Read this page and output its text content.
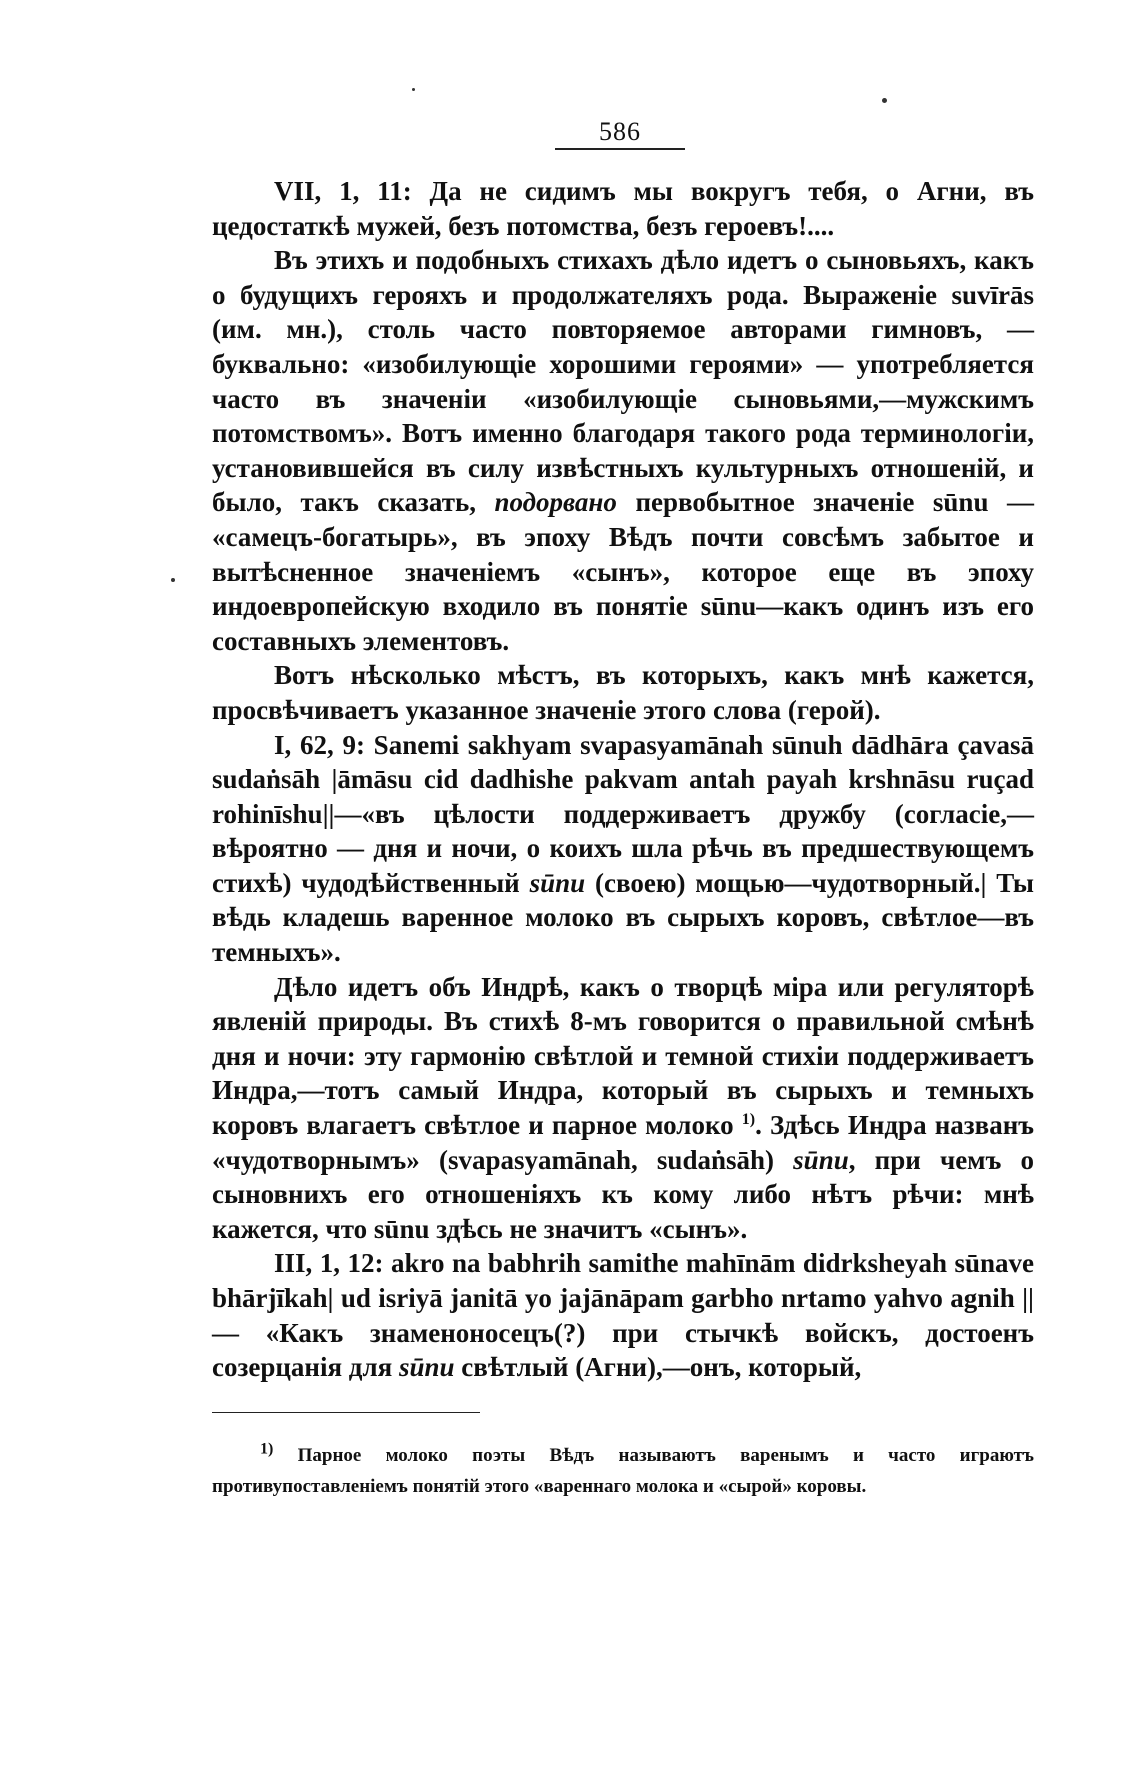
586

VII, 1, 11: Да не сидимъ мы вокругъ тебя, о Агни, въ цедостаткѣ мужей, безъ потомства, безъ героевъ!....

Въ этихъ и подобныхъ стихахъ дѣло идетъ о сыновьяхъ, какъ о будущихъ герояхъ и продолжателяхъ рода. Выраженіе suvīrās (им. мн.), столь часто повторяемое авторами гимновъ, —буквально: «изобилующіе хорошими героями» — употребляется часто въ значеніи «изобилующіе сыновьями,—мужскимъ потомствомъ». Вотъ именно благодаря такого рода терминологіи, установившейся въ силу извѣстныхъ культурныхъ отношеній, и было, такъ сказать, подорвано первобытное значеніе sūnu — «самецъ-богатырь», въ эпоху Вѣдъ почти совсѣмъ забытое и вытѣсненное значеніемъ «сынъ», которое еще въ эпоху индоевропейскую входило въ понятіе sūnu—какъ одинъ изъ его составныхъ элементовъ.

Вотъ нѣсколько мѣстъ, въ которыхъ, какъ мнѣ кажется, просвѣчиваетъ указанное значеніе этого слова (герой).

I, 62, 9: Sanemi sakhyam svapasyamānah sūnuh dādhāra çavasā sudaṅsāh |āmāsu cid dadhishe pakvam antah payah krshnāsu ruçad rohinīshu||—«въ цѣлости поддерживаетъ дружбу (согласіе,—вѣроятно — дня и ночи, о коихъ шла рѣчь въ предшествующемъ стихѣ) чудодѣйственный sūnu (своею) мощью—чудотворный.| Ты вѣдь кладешь варенное молоко въ сырыхъ коровъ, свѣтлое—въ темныхъ».

Дѣло идетъ объ Индрѣ, какъ о творцѣ міра или регуляторѣ явленій природы. Въ стихѣ 8-мъ говорится о правильной смѣнѣ дня и ночи: эту гармонію свѣтлой и темной стихіи поддерживаетъ Индра,—тотъ самый Индра, который въ сырыхъ и темныхъ коровъ влагаетъ свѣтлое и парное молоко $^{1)}$. Здѣсь Индра названъ «чудотворнымъ» (svapasyamānah, sudaṅsāh) sūnu, при чемъ о сыновнихъ его отношеніяхъ къ кому либо нѣтъ рѣчи: мнѣ кажется, что sūnu здѣсь не значитъ «сынъ».

III, 1, 12: akro na babhrih samithe mahīnām didrksheyah sūnave bhārjīkah| ud isriyā janitā yo jajānāpam garbho nrtamo yahvo agnih || — «Какъ знаменоносецъ(?) при стычкѣ войскъ, достоенъ созерцанія для sūnu свѣтлый (Агни),—онъ, который,

$^{1)}$ Парное молоко поэты Вѣдъ называютъ варенымъ и часто играютъ противупоставленіемъ понятій этого «вареннаго молока и «сырой» коровы.
